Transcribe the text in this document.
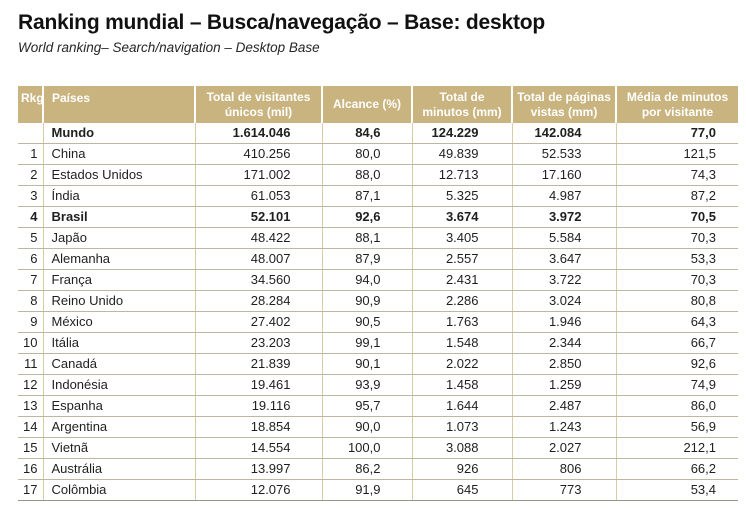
Ranking mundial – Busca/navegação – Base: desktop

World ranking– Search/navigation – Desktop Base

Rkg	Países	Total de visitantes únicos (mil)	Alcance (%)	Total de minutos (mm)	Total de páginas vistas (mm)	Média de minutos por visitante
	Mundo	1.614.046	84,6	124.229	142.084	77,0
1	China	410.256	80,0	49.839	52.533	121,5
2	Estados Unidos	171.002	88,0	12.713	17.160	74,3
3	Índia	61.053	87,1	5.325	4.987	87,2
4	Brasil	52.101	92,6	3.674	3.972	70,5
5	Japão	48.422	88,1	3.405	5.584	70,3
6	Alemanha	48.007	87,9	2.557	3.647	53,3
7	França	34.560	94,0	2.431	3.722	70,3
8	Reino Unido	28.284	90,9	2.286	3.024	80,8
9	México	27.402	90,5	1.763	1.946	64,3
10	Itália	23.203	99,1	1.548	2.344	66,7
11	Canadá	21.839	90,1	2.022	2.850	92,6
12	Indonésia	19.461	93,9	1.458	1.259	74,9
13	Espanha	19.116	95,7	1.644	2.487	86,0
14	Argentina	18.854	90,0	1.073	1.243	56,9
15	Vietnã	14.554	100,0	3.088	2.027	212,1
16	Austrália	13.997	86,2	926	806	66,2
17	Colômbia	12.076	91,9	645	773	53,4
